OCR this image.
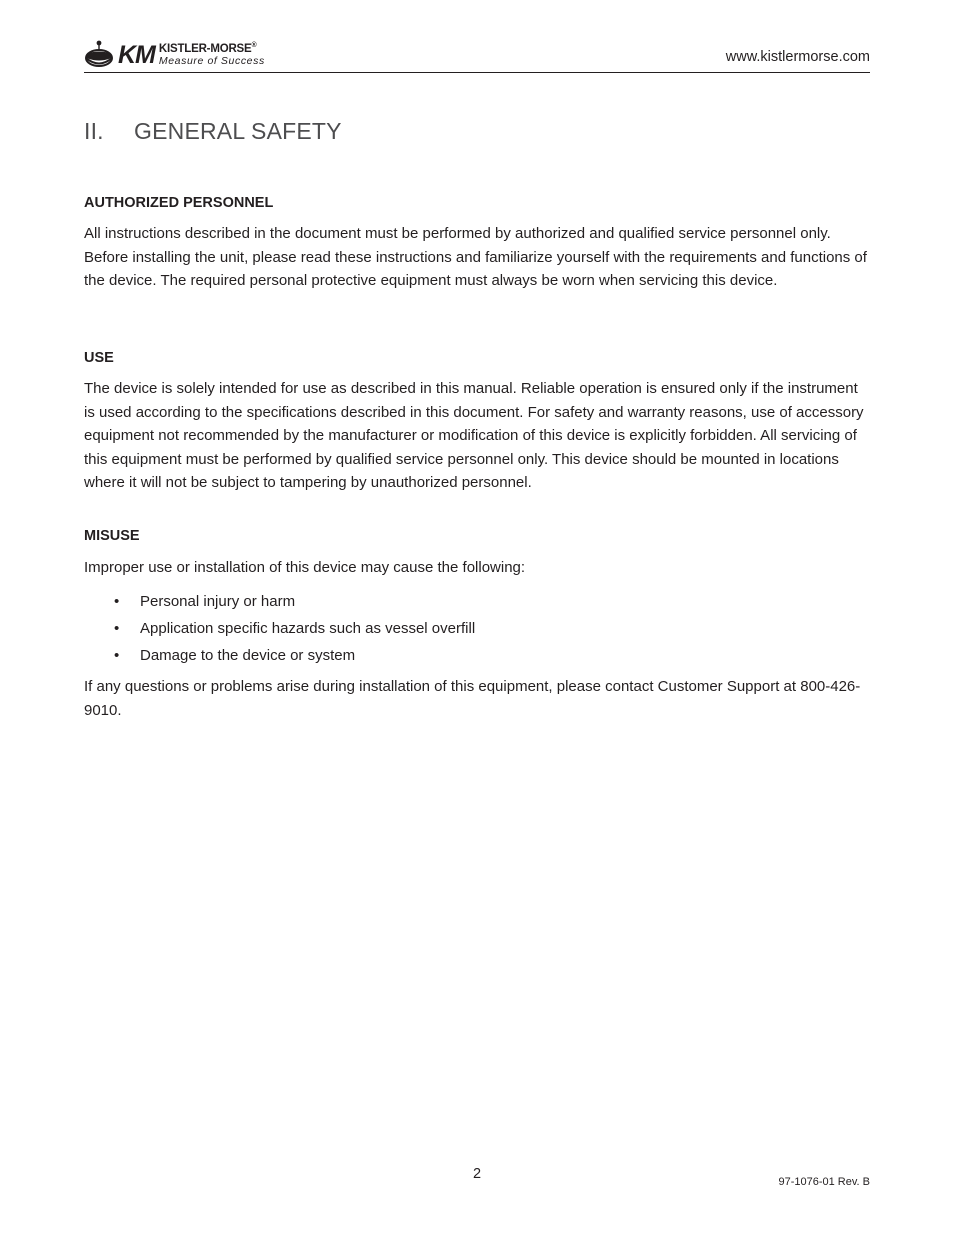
KM KISTLER-MORSE®
Measure of Success	www.kistlermorse.com
II.	GENERAL SAFETY
AUTHORIZED PERSONNEL

All instructions described in the document must be performed by authorized and qualified service personnel only. Before installing the unit, please read these instructions and familiarize yourself with the requirements and functions of the device. The required personal protective equipment must always be worn when servicing this device.

USE

The device is solely intended for use as described in this manual. Reliable operation is ensured only if the instrument is used according to the specifications described in this document. For safety and warranty reasons, use of accessory equipment not recommended by the manufacturer or modification of this device is explicitly forbidden. All servicing of this equipment must be performed by qualified service personnel only. This device should be mounted in locations where it will not be subject to tampering by unauthorized personnel.

MISUSE

Improper use or installation of this device may cause the following:

• Personal injury or harm
• Application specific hazards such as vessel overfill
• Damage to the device or system

If any questions or problems arise during installation of this equipment, please contact Customer Support at 800-426-9010.

2	97-1076-01 Rev. B
